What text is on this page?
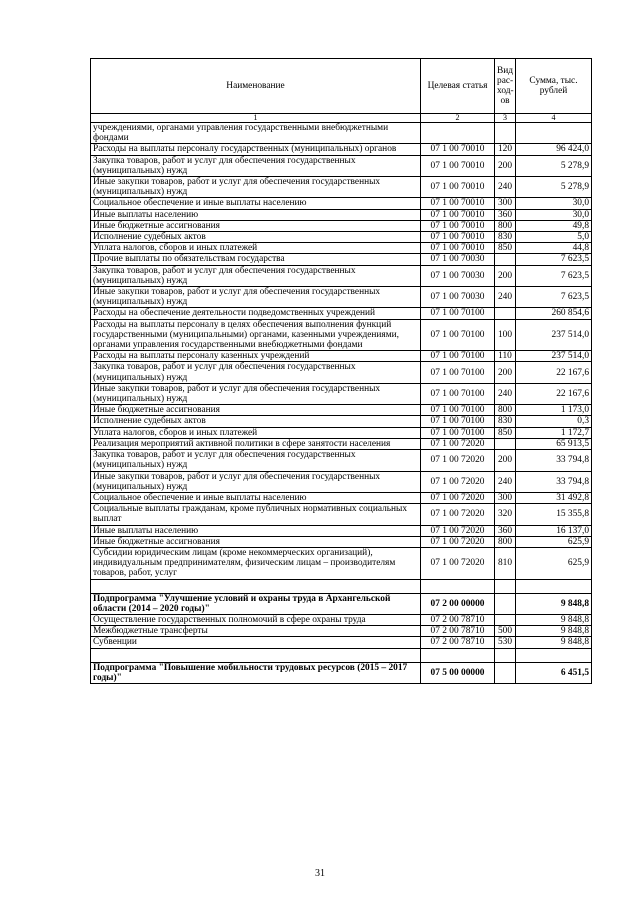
Наименование	Целевая статья	Вид рас-ход-ов	Сумма, тыс. рублей
1	2	3	4
учреждениями, органами управления государственными внебюджетными фондами			
Расходы на выплаты персоналу государственных (муниципальных) органов	07 1 00 70010	120	96 424,0
Закупка товаров, работ и услуг для обеспечения государственных (муниципальных) нужд	07 1 00 70010	200	5 278,9
Иные закупки товаров, работ и услуг для обеспечения государственных (муниципальных) нужд	07 1 00 70010	240	5 278,9
Социальное обеспечение и иные выплаты населению	07 1 00 70010	300	30,0
Иные выплаты населению	07 1 00 70010	360	30,0
Иные бюджетные ассигнования	07 1 00 70010	800	49,8
Исполнение судебных актов	07 1 00 70010	830	5,0
Уплата налогов, сборов и иных платежей	07 1 00 70010	850	44,8
Прочие выплаты по обязательствам государства	07 1 00 70030		7 623,5
Закупка товаров, работ и услуг для обеспечения государственных (муниципальных) нужд	07 1 00 70030	200	7 623,5
Иные закупки товаров, работ и услуг для обеспечения государственных (муниципальных) нужд	07 1 00 70030	240	7 623,5
Расходы на обеспечение деятельности подведомственных учреждений	07 1 00 70100		260 854,6
Расходы на выплаты персоналу в целях обеспечения выполнения функций государственными (муниципальными) органами, казенными учреждениями, органами управления государственными внебюджетными фондами	07 1 00 70100	100	237 514,0
Расходы на выплаты персоналу казенных учреждений	07 1 00 70100	110	237 514,0
Закупка товаров, работ и услуг для обеспечения государственных (муниципальных) нужд	07 1 00 70100	200	22 167,6
Иные закупки товаров, работ и услуг для обеспечения государственных (муниципальных) нужд	07 1 00 70100	240	22 167,6
Иные бюджетные ассигнования	07 1 00 70100	800	1 173,0
Исполнение судебных актов	07 1 00 70100	830	0,3
Уплата налогов, сборов и иных платежей	07 1 00 70100	850	1 172,7
Реализация мероприятий активной политики в сфере занятости населения	07 1 00 72020		65 913,5
Закупка товаров, работ и услуг для обеспечения государственных (муниципальных) нужд	07 1 00 72020	200	33 794,8
Иные закупки товаров, работ и услуг для обеспечения государственных (муниципальных) нужд	07 1 00 72020	240	33 794,8
Социальное обеспечение и иные выплаты населению	07 1 00 72020	300	31 492,8
Социальные выплаты гражданам, кроме публичных нормативных социальных выплат	07 1 00 72020	320	15 355,8
Иные выплаты населению	07 1 00 72020	360	16 137,0
Иные бюджетные ассигнования	07 1 00 72020	800	625,9
Субсидии юридическим лицам (кроме некоммерческих организаций), индивидуальным предпринимателям, физическим лицам – производителям товаров, работ, услуг	07 1 00 72020	810	625,9

Подпрограмма "Улучшение условий и охраны труда в Архангельской области (2014 – 2020 годы)"	07 2 00 00000		9 848,8
Осуществление государственных полномочий в сфере охраны труда	07 2 00 78710		9 848,8
Межбюджетные трансферты	07 2 00 78710	500	9 848,8
Субвенции	07 2 00 78710	530	9 848,8

Подпрограмма "Повышение мобильности трудовых ресурсов (2015 – 2017 годы)"	07 5 00 00000		6 451,5
31
